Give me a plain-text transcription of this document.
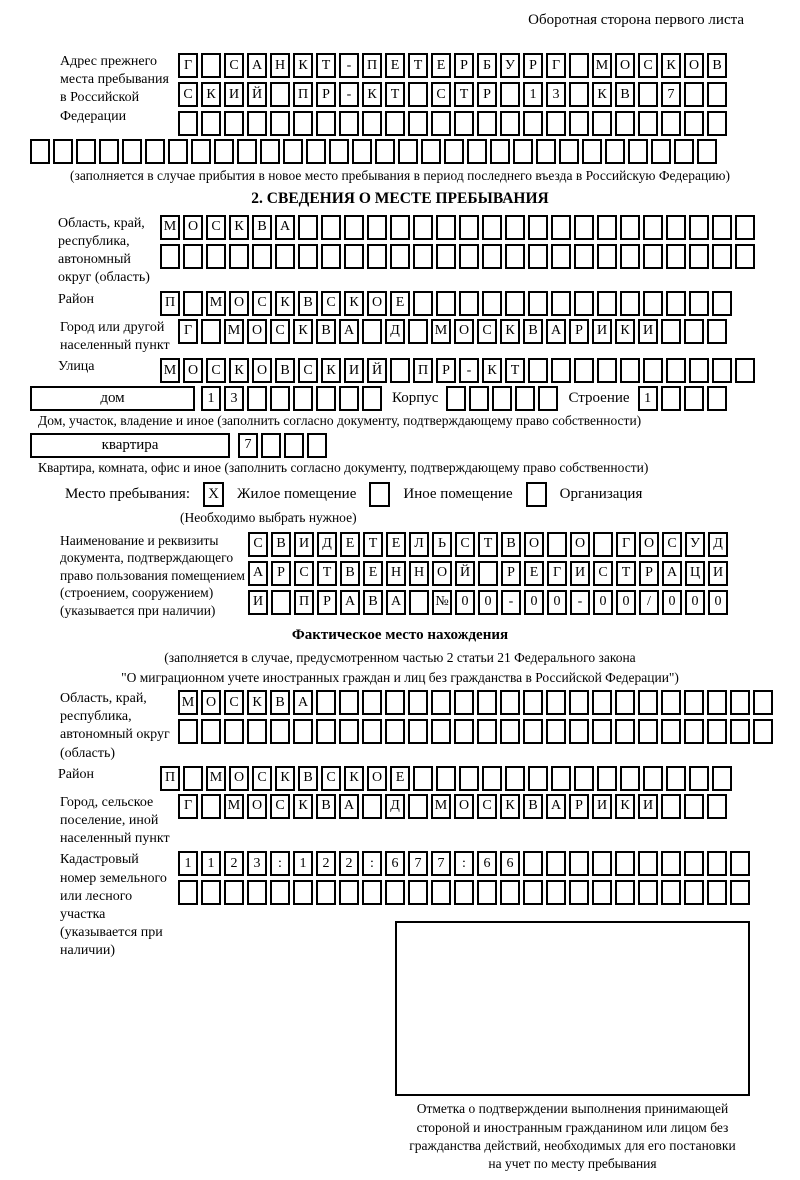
Оборотная сторона первого листа
Адрес прежнего места пребывания в Российской Федерации
Г	С А Н К	Т	-	П Е	Т	Е	Р	Б	У	Р	Г	М О С К О В
С К И Й	П	Р	-	К	Т	С	Т	Р	1	3	К В	7
(заполняется в случае прибытия в новое место пребывания в период последнего въезда в Российскую Федерацию)
2. СВЕДЕНИЯ О МЕСТЕ ПРЕБЫВАНИЯ
Область, край, республика, автономный округ (область)
М О С К В А
Район	П	М О С К В С К О Е
Город или другой населенный пункт
Г	М О С К В А	Д	М О С К В А	Р	И К И
Улица	М О С К О В С К И Й	П	Р	-	К	Т
дом	1	3	Корпус	Строение	1
Дом, участок, владение и иное (заполнить согласно документу, подтверждающему право собственности)
квартира	7
Квартира, комната, офис и иное (заполнить согласно документу, подтверждающему право собственности)
Место пребывания:	X	Жилое помещение	Иное помещение	Организация
(Необходимо выбрать нужное)
Наименование и реквизиты документа, подтверждающего право пользования помещением (строением, сооружением) (указывается при наличии)
С В И Д Е	Т	Е Л	Ь	С	Т	В О	О	Г О С У Д
А	Р	С	Т	В	Е Н Н О Й	Р	Е	Г И С	Т	Р	А Ц И
И	П	Р	А В А	№ 0	0	-	0	0	-	0	0	/	0	0	0
Фактическое место нахождения
(заполняется в случае, предусмотренном частью 2 статьи 21 Федерального закона
"О миграционном учете иностранных граждан и лиц без гражданства в Российской Федерации")
Область, край, республика, автономный округ (область)
М О С К В А
Район	П	М О С К В С К О Е
Город, сельское поселение, иной населенный пункт
Г	М О С К В А	Д	М О С К В А	Р	И К И
Кадастровый номер земельного или лесного участка (указывается при наличии)
1	1	2	3	:	1	2	2	:	6	7	7	:	6	6
Отметка о подтверждении выполнения принимающей
стороной и иностранным гражданином или лицом без
гражданства действий, необходимых для его постановки
на учет по месту пребывания
